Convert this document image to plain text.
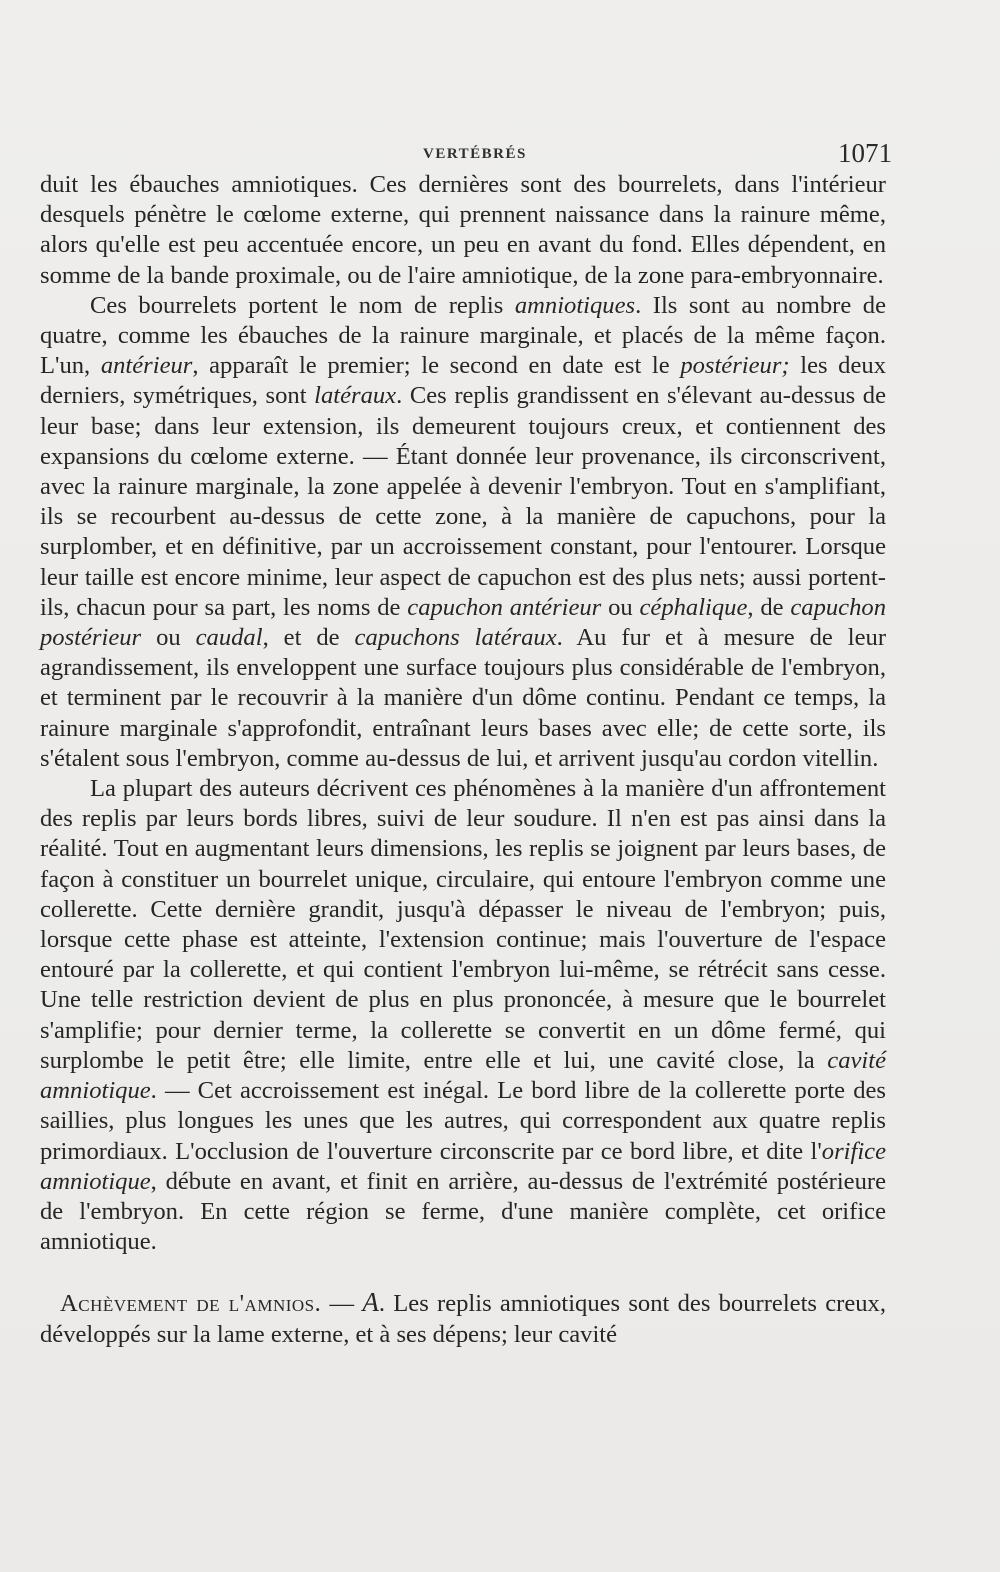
VERTÉBRÉS	1071

duit les ébauches amniotiques. Ces dernières sont des bourrelets, dans l'intérieur desquels pénètre le cœlome externe, qui prennent naissance dans la rainure même, alors qu'elle est peu accentuée encore, un peu en avant du fond. Elles dépendent, en somme de la bande proximale, ou de l'aire amniotique, de la zone para-embryonnaire.

Ces bourrelets portent le nom de replis amniotiques. Ils sont au nombre de quatre, comme les ébauches de la rainure marginale, et placés de la même façon. L'un, antérieur, apparaît le premier; le second en date est le postérieur; les deux derniers, symétriques, sont latéraux. Ces replis grandissent en s'élevant au-dessus de leur base; dans leur extension, ils demeurent toujours creux, et contiennent des expansions du cœlome externe. — Étant donnée leur provenance, ils circonscrivent, avec la rainure marginale, la zone appelée à devenir l'embryon. Tout en s'amplifiant, ils se recourbent au-dessus de cette zone, à la manière de capuchons, pour la surplomber, et en définitive, par un accroissement constant, pour l'entourer. Lorsque leur taille est encore minime, leur aspect de capuchon est des plus nets; aussi portent-ils, chacun pour sa part, les noms de capuchon antérieur ou céphalique, de capuchon postérieur ou caudal, et de capuchons latéraux. Au fur et à mesure de leur agrandissement, ils enveloppent une surface toujours plus considérable de l'embryon, et terminent par le recouvrir à la manière d'un dôme continu. Pendant ce temps, la rainure marginale s'approfondit, entraînant leurs bases avec elle; de cette sorte, ils s'étalent sous l'embryon, comme au-dessus de lui, et arrivent jusqu'au cordon vitellin.

La plupart des auteurs décrivent ces phénomènes à la manière d'un affrontement des replis par leurs bords libres, suivi de leur soudure. Il n'en est pas ainsi dans la réalité. Tout en augmentant leurs dimensions, les replis se joignent par leurs bases, de façon à constituer un bourrelet unique, circulaire, qui entoure l'embryon comme une collerette. Cette dernière grandit, jusqu'à dépasser le niveau de l'embryon; puis, lorsque cette phase est atteinte, l'extension continue; mais l'ouverture de l'espace entouré par la collerette, et qui contient l'embryon lui-même, se rétrécit sans cesse. Une telle restriction devient de plus en plus prononcée, à mesure que le bourrelet s'amplifie; pour dernier terme, la collerette se convertit en un dôme fermé, qui surplombe le petit être; elle limite, entre elle et lui, une cavité close, la cavité amniotique. — Cet accroissement est inégal. Le bord libre de la collerette porte des saillies, plus longues les unes que les autres, qui correspondent aux quatre replis primordiaux. L'occlusion de l'ouverture circonscrite par ce bord libre, et dite l'orifice amniotique, débute en avant, et finit en arrière, au-dessus de l'extrémité postérieure de l'embryon. En cette région se ferme, d'une manière complète, cet orifice amniotique.

Achèvement de l'amnios. — A. Les replis amniotiques sont des bourrelets creux, développés sur la lame externe, et à ses dépens; leur cavité
